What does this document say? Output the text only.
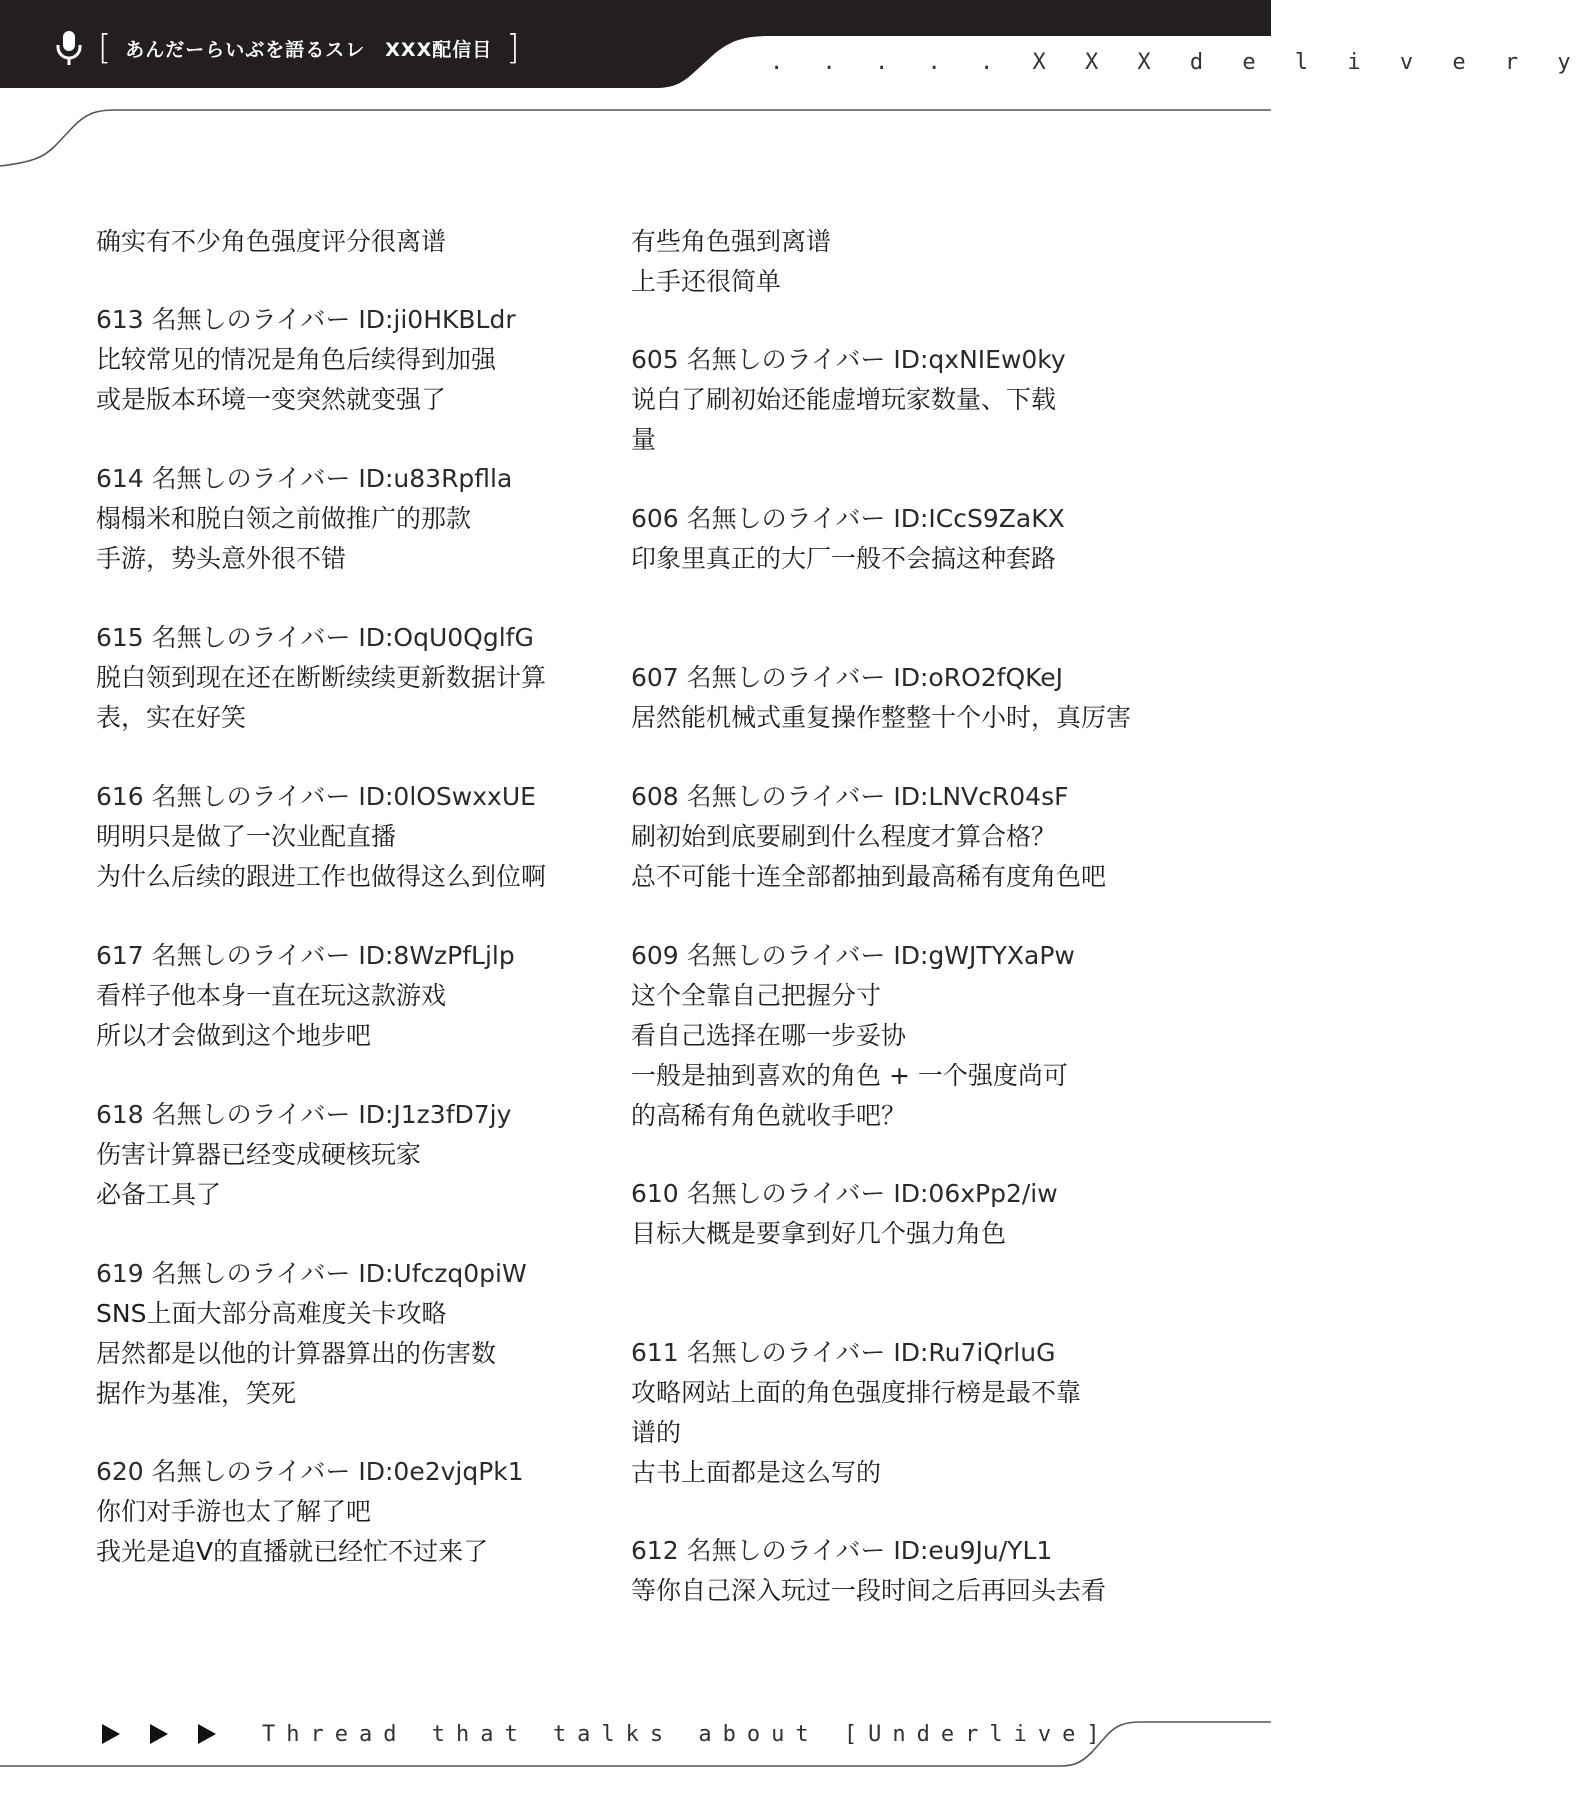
[ あんだーらいぶを語るスレ　XXX配信目 ]	. . . . . X X X d e l i v e r y
确实有不少角色强度评分很离谱
613 名無しのライバー ID:ji0HKBLdr
比较常见的情况是角色后续得到加强
或是版本环境一变突然就变强了
614 名無しのライバー ID:u83Rpflla
榻榻米和脱白领之前做推广的那款
手游，势头意外很不错
615 名無しのライバー ID:OqU0QglfG
脱白领到现在还在断断续续更新数据计算
表，实在好笑
616 名無しのライバー ID:0lOSwxxUE
明明只是做了一次业配直播
为什么后续的跟进工作也做得这么到位啊
617 名無しのライバー ID:8WzPfLjlp
看样子他本身一直在玩这款游戏
所以才会做到这个地步吧
618 名無しのライバー ID:J1z3fD7jy
伤害计算器已经变成硬核玩家
必备工具了
619 名無しのライバー ID:Ufczq0piW
SNS上面大部分高难度关卡攻略
居然都是以他的计算器算出的伤害数
据作为基准，笑死
620 名無しのライバー ID:0e2vjqPk1
你们对手游也太了解了吧
我光是追V的直播就已经忙不过来了
有些角色强到离谱
上手还很简单
605 名無しのライバー ID:qxNIEw0ky
说白了刷初始还能虚增玩家数量、下载
量
606 名無しのライバー ID:ICcS9ZaKX
印象里真正的大厂一般不会搞这种套路
607 名無しのライバー ID:oRO2fQKeJ
居然能机械式重复操作整整十个小时，真厉害
608 名無しのライバー ID:LNVcR04sF
刷初始到底要刷到什么程度才算合格？
总不可能十连全部都抽到最高稀有度角色吧
609 名無しのライバー ID:gWJTYXaPw
这个全靠自己把握分寸
看自己选择在哪一步妥协
一般是抽到喜欢的角色 + 一个强度尚可
的高稀有角色就收手吧？
610 名無しのライバー ID:06xPp2/iw
目标大概是要拿到好几个强力角色
611 名無しのライバー ID:Ru7iQrluG
攻略网站上面的角色强度排行榜是最不靠
谱的
古书上面都是这么写的
612 名無しのライバー ID:eu9Ju/YL1
等你自己深入玩过一段时间之后再回头去看
Thread that talks about [Underlive]
